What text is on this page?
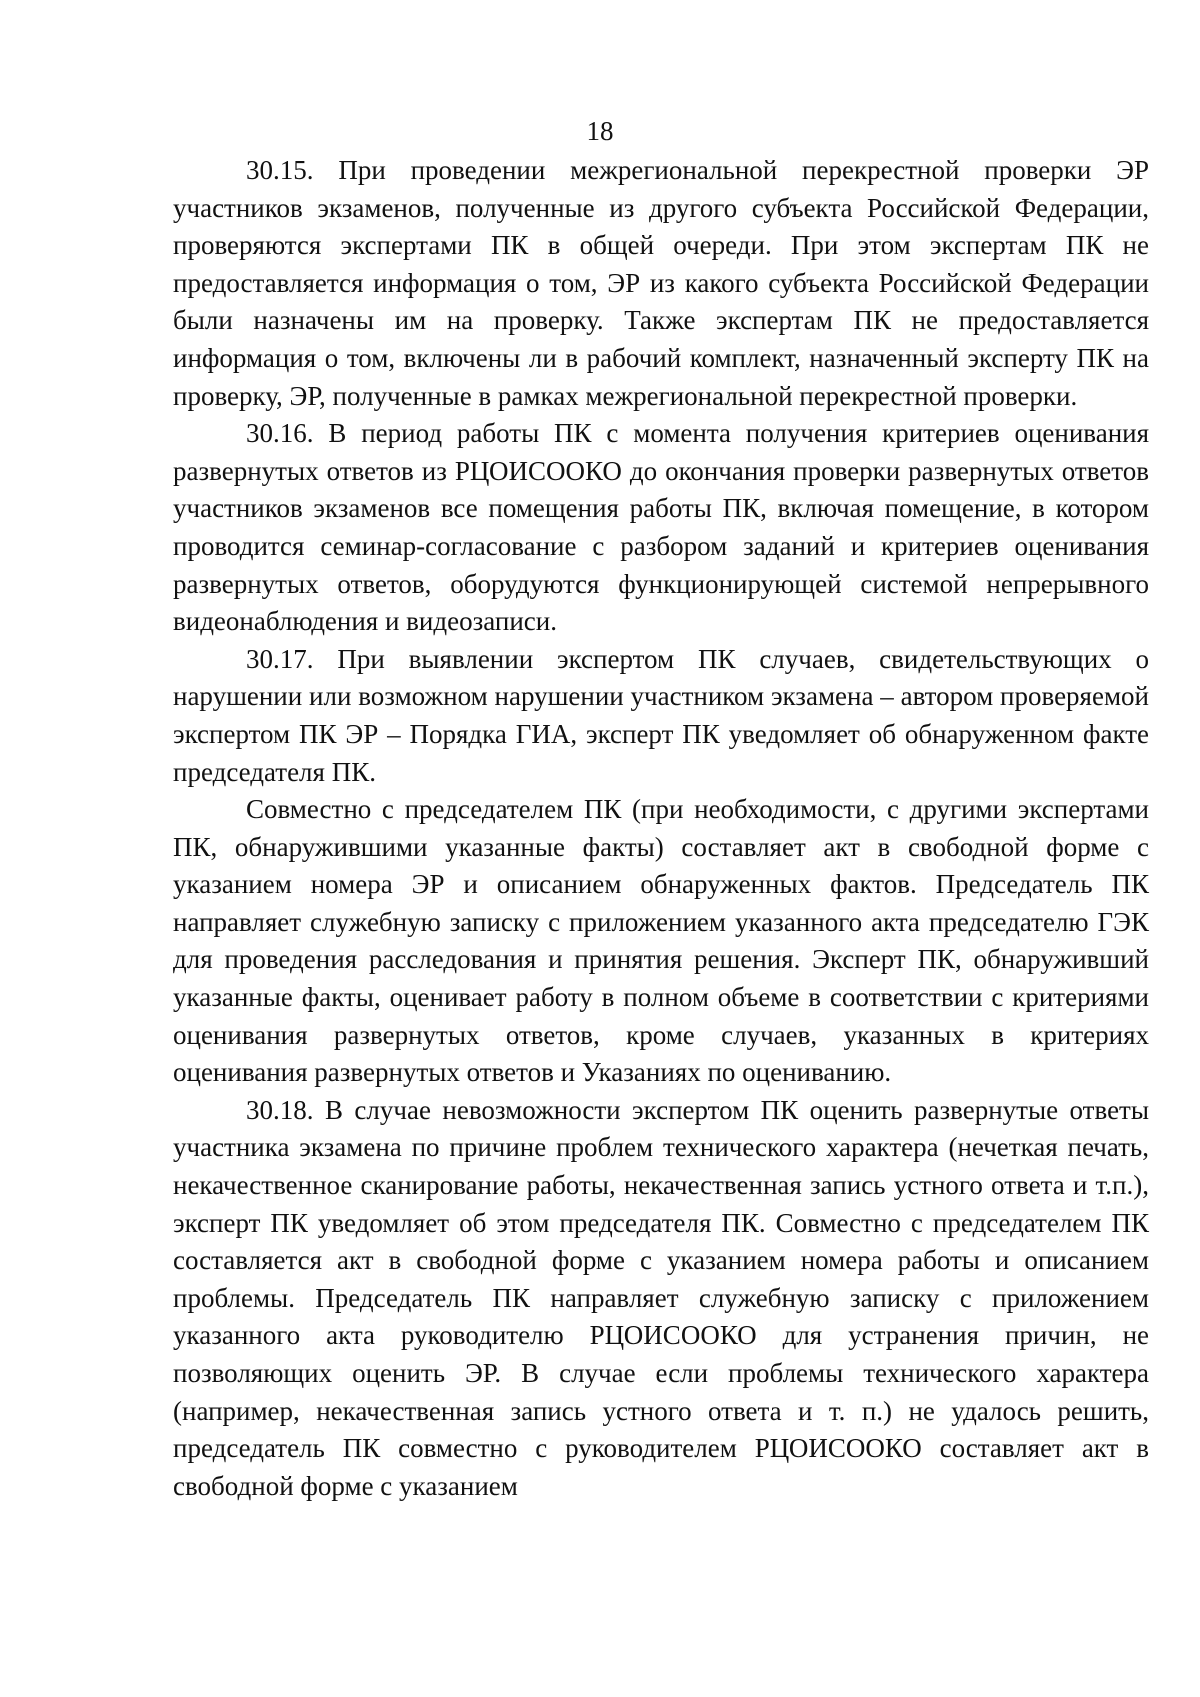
18

30.15. При проведении межрегиональной перекрестной проверки ЭР участников экзаменов, полученные из другого субъекта Российской Федерации, проверяются экспертами ПК в общей очереди. При этом экспертам ПК не предоставляется информация о том, ЭР из какого субъекта Российской Федерации были назначены им на проверку. Также экспертам ПК не предоставляется информация о том, включены ли в рабочий комплект, назначенный эксперту ПК на проверку, ЭР, полученные в рамках межрегиональной перекрестной проверки.

30.16. В период работы ПК с момента получения критериев оценивания развернутых ответов из РЦОИСООКО до окончания проверки развернутых ответов участников экзаменов все помещения работы ПК, включая помещение, в котором проводится семинар-согласование с разбором заданий и критериев оценивания развернутых ответов, оборудуются функционирующей системой непрерывного видеонаблюдения и видеозаписи.

30.17. При выявлении экспертом ПК случаев, свидетельствующих о нарушении или возможном нарушении участником экзамена – автором проверяемой экспертом ПК ЭР – Порядка ГИА, эксперт ПК уведомляет об обнаруженном факте председателя ПК.

Совместно с председателем ПК (при необходимости, с другими экспертами ПК, обнаружившими указанные факты) составляет акт в свободной форме с указанием номера ЭР и описанием обнаруженных фактов. Председатель ПК направляет служебную записку с приложением указанного акта председателю ГЭК для проведения расследования и принятия решения. Эксперт ПК, обнаруживший указанные факты, оценивает работу в полном объеме в соответствии с критериями оценивания развернутых ответов, кроме случаев, указанных в критериях оценивания развернутых ответов и Указаниях по оцениванию.

30.18. В случае невозможности экспертом ПК оценить развернутые ответы участника экзамена по причине проблем технического характера (нечеткая печать, некачественное сканирование работы, некачественная запись устного ответа и т.п.), эксперт ПК уведомляет об этом председателя ПК. Совместно с председателем ПК составляется акт в свободной форме с указанием номера работы и описанием проблемы. Председатель ПК направляет служебную записку с приложением указанного акта руководителю РЦОИСООКО для устранения причин, не позволяющих оценить ЭР. В случае если проблемы технического характера (например, некачественная запись устного ответа и т. п.) не удалось решить, председатель ПК совместно с руководителем РЦОИСООКО составляет акт в свободной форме с указанием
